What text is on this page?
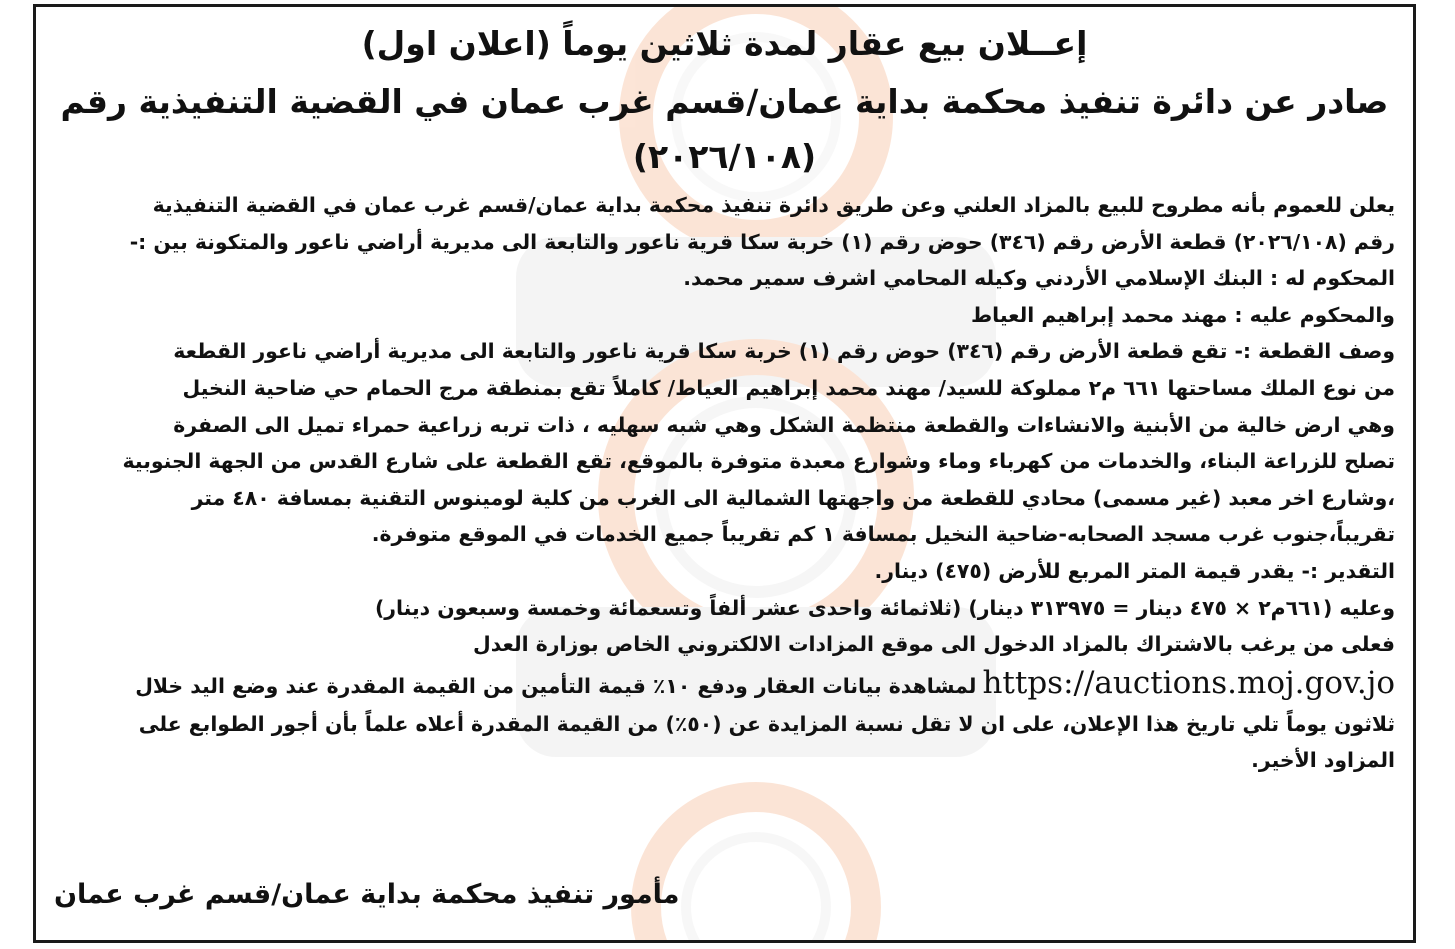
إعــلان بيع عقار لمدة ثلاثين يوماً (اعلان اول)

صادر عن دائرة تنفيذ محكمة بداية عمان/قسم غرب عمان في القضية التنفيذية رقم

(٢٠٢٦/١٠٨)

يعلن للعموم بأنه مطروح للبيع بالمزاد العلني وعن طريق دائرة تنفيذ محكمة بداية عمان/قسم غرب عمان في القضية التنفيذية
رقم (٢٠٢٦/١٠٨) قطعة الأرض رقم (٣٤٦) حوض رقم (١) خربة سكا قرية ناعور والتابعة الى مديرية أراضي ناعور والمتكونة بين :-
المحكوم له : البنك الإسلامي الأردني وكيله المحامي اشرف سمير محمد.
والمحكوم عليه : مهند محمد إبراهيم العياط
وصف القطعة :- تقع قطعة الأرض رقم (٣٤٦) حوض رقم (١) خربة سكا قرية ناعور والتابعة الى مديرية أراضي ناعور القطعة
من نوع الملك مساحتها ٦٦١ م٢ مملوكة للسيد/ مهند محمد إبراهيم العياط/ كاملاً تقع بمنطقة مرج الحمام حي ضاحية النخيل
وهي ارض خالية من الأبنية والانشاءات والقطعة منتظمة الشكل وهي شبه سهليه ، ذات تربه زراعية حمراء تميل الى الصفرة
تصلح للزراعة البناء، والخدمات من كهرباء وماء وشوارع معبدة متوفرة بالموقع، تقع القطعة على شارع القدس من الجهة الجنوبية
،وشارع اخر معبد (غير مسمى) محادي للقطعة من واجهتها الشمالية الى الغرب من كلية لومينوس التقنية بمسافة ٤٨٠ متر
تقريباً،جنوب غرب مسجد الصحابه-ضاحية النخيل بمسافة ١ كم تقريباً جميع الخدمات في الموقع متوفرة.
التقدير :- يقدر قيمة المتر المربع للأرض (٤٧٥) دينار.
وعليه (٦٦١م٢ × ٤٧٥ دينار = ٣١٣٩٧٥ دينار) (ثلاثمائة واحدى عشر ألفاً وتسعمائة وخمسة وسبعون دينار)
فعلى من يرغب بالاشتراك بالمزاد الدخول الى موقع المزادات الالكتروني الخاص بوزارة العدل
https://auctions.moj.gov.joلمشاهدة بيانات العقار ودفع ١٠٪ قيمة التأمين من القيمة المقدرة عند وضع اليد خلال
ثلاثون يوماً تلي تاريخ هذا الإعلان، على ان لا تقل نسبة المزايدة عن (٥٠٪) من القيمة المقدرة أعلاه علماً بأن أجور الطوابع على
المزاود الأخير.
مأمور تنفيذ محكمة بداية عمان/قسم غرب عمان
